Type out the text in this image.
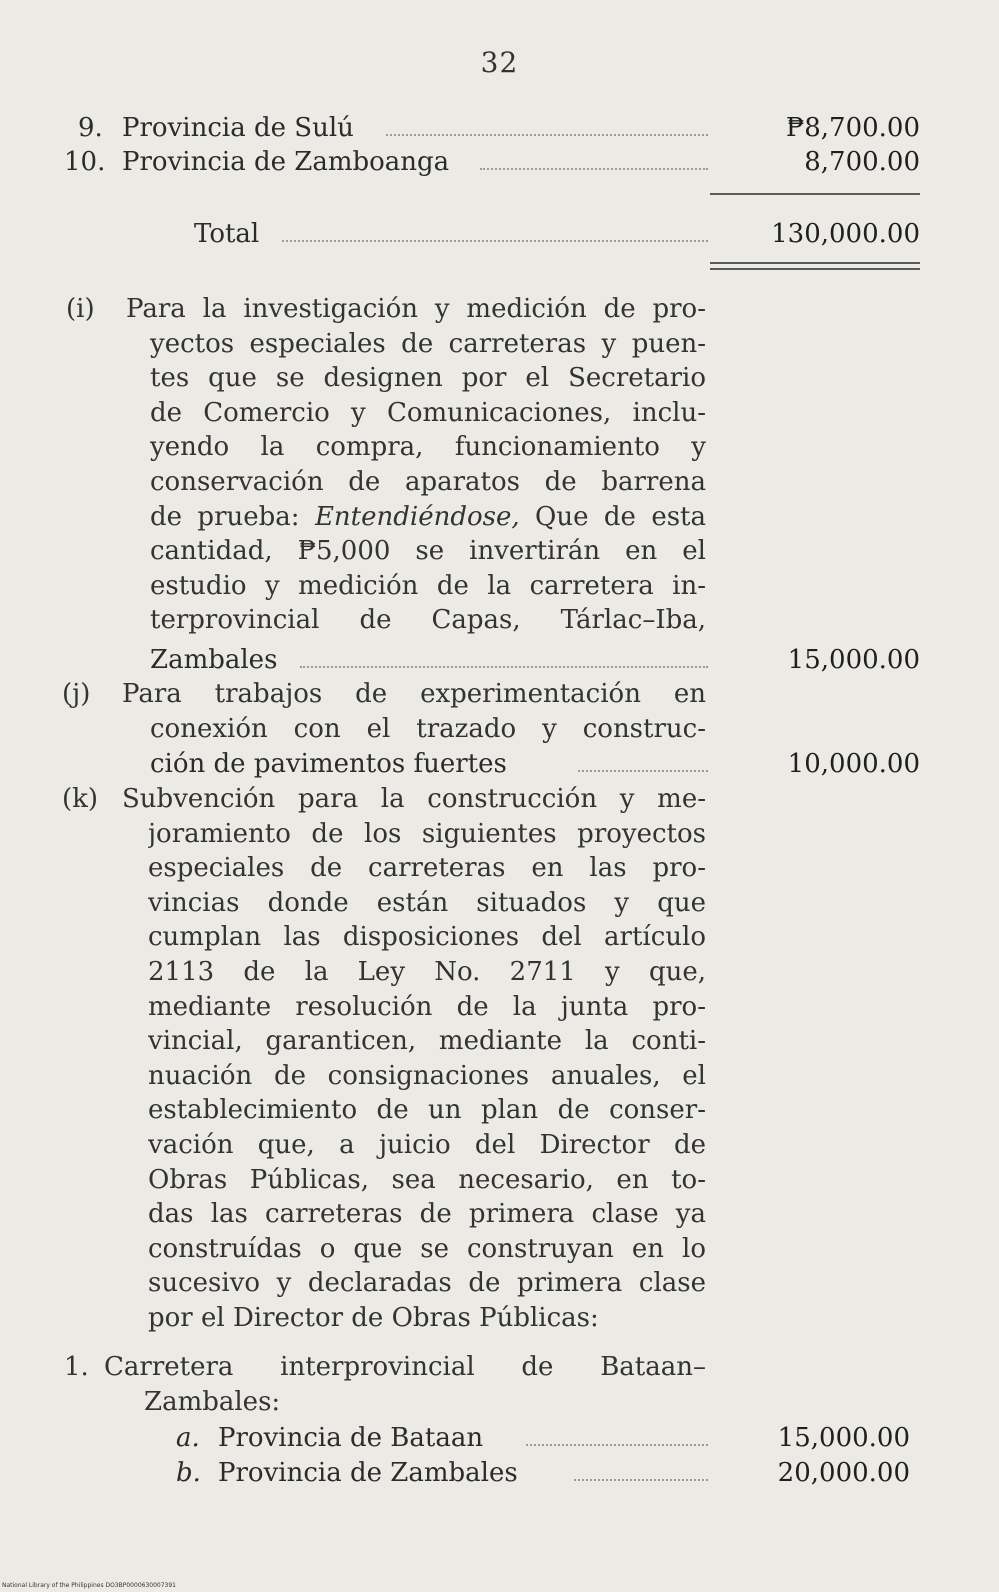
32
9. Provincia de Sulú	₱8,700.00
10. Provincia de Zamboanga	8,700.00
Total	130,000.00
(i) Para la investigación y medición de pro-
yectos especiales de carreteras y puen-
tes que se designen por el Secretario
de Comercio y Comunicaciones, inclu-
yendo la compra, funcionamiento y
conservación de aparatos de barrena
de prueba: Entendiéndose, Que de esta
cantidad, ₱5,000 se invertirán en el
estudio y medición de la carretera in-
terprovincial de Capas, Tárlac–Iba,
Zambales	15,000.00
(j) Para trabajos de experimentación en
conexión con el trazado y construc-
ción de pavimentos fuertes	10,000.00
(k) Subvención para la construcción y me-
joramiento de los siguientes proyectos
especiales de carreteras en las pro-
vincias donde están situados y que
cumplan las disposiciones del artículo
2113 de la Ley No. 2711 y que,
mediante resolución de la junta pro-
vincial, garanticen, mediante la conti-
nuación de consignaciones anuales, el
establecimiento de un plan de conser-
vación que, a juicio del Director de
Obras Públicas, sea necesario, en to-
das las carreteras de primera clase ya
construídas o que se construyan en lo
sucesivo y declaradas de primera clase
por el Director de Obras Públicas:
1. Carretera interprovincial de Bataan–
Zambales:
a. Provincia de Bataan	15,000.00
b. Provincia de Zambales	20,000.00
National Library of the Philippines DO3BP0000630007391
